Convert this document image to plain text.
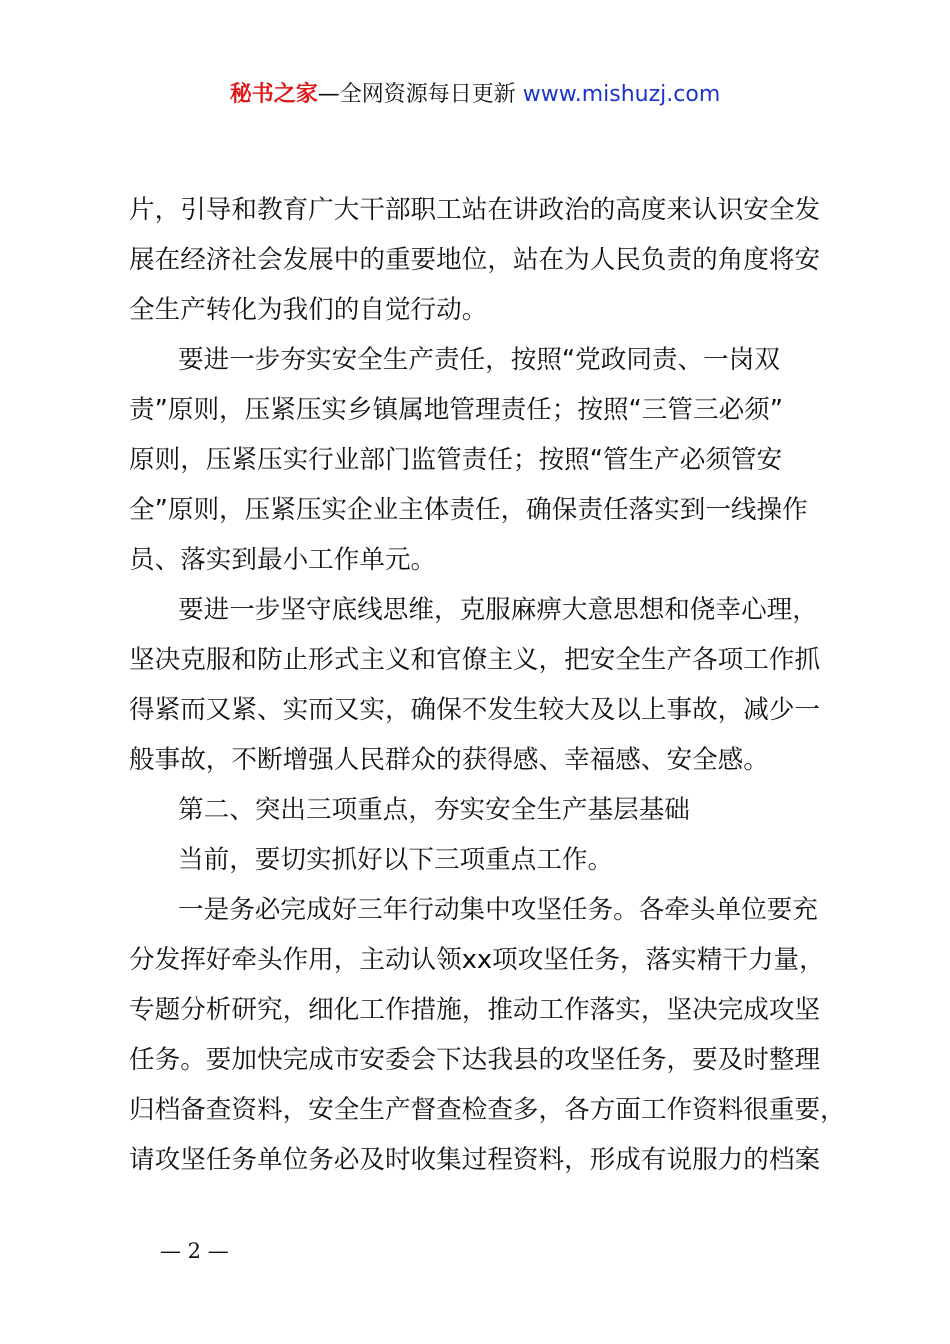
秘书之家—全网资源每日更新 www.mishuzj.com
片，引导和教育广大干部职工站在讲政治的高度来认识安全发
展在经济社会发展中的重要地位，站在为人民负责的角度将安
全生产转化为我们的自觉行动。
要进一步夯实安全生产责任，按照“党政同责、一岗双
责”原则，压紧压实乡镇属地管理责任；按照“三管三必须”
原则，压紧压实行业部门监管责任；按照“管生产必须管安
全”原则，压紧压实企业主体责任，确保责任落实到一线操作
员、落实到最小工作单元。
要进一步坚守底线思维，克服麻痹大意思想和侥幸心理，
坚决克服和防止形式主义和官僚主义，把安全生产各项工作抓
得紧而又紧、实而又实，确保不发生较大及以上事故，减少一
般事故，不断增强人民群众的获得感、幸福感、安全感。
第二、突出三项重点，夯实安全生产基层基础
当前，要切实抓好以下三项重点工作。
一是务必完成好三年行动集中攻坚任务。各牵头单位要充
分发挥好牵头作用，主动认领xx项攻坚任务，落实精干力量，
专题分析研究，细化工作措施，推动工作落实，坚决完成攻坚
任务。要加快完成市安委会下达我县的攻坚任务，要及时整理
归档备查资料，安全生产督查检查多，各方面工作资料很重要，
请攻坚任务单位务必及时收集过程资料，形成有说服力的档案
— 2 —
